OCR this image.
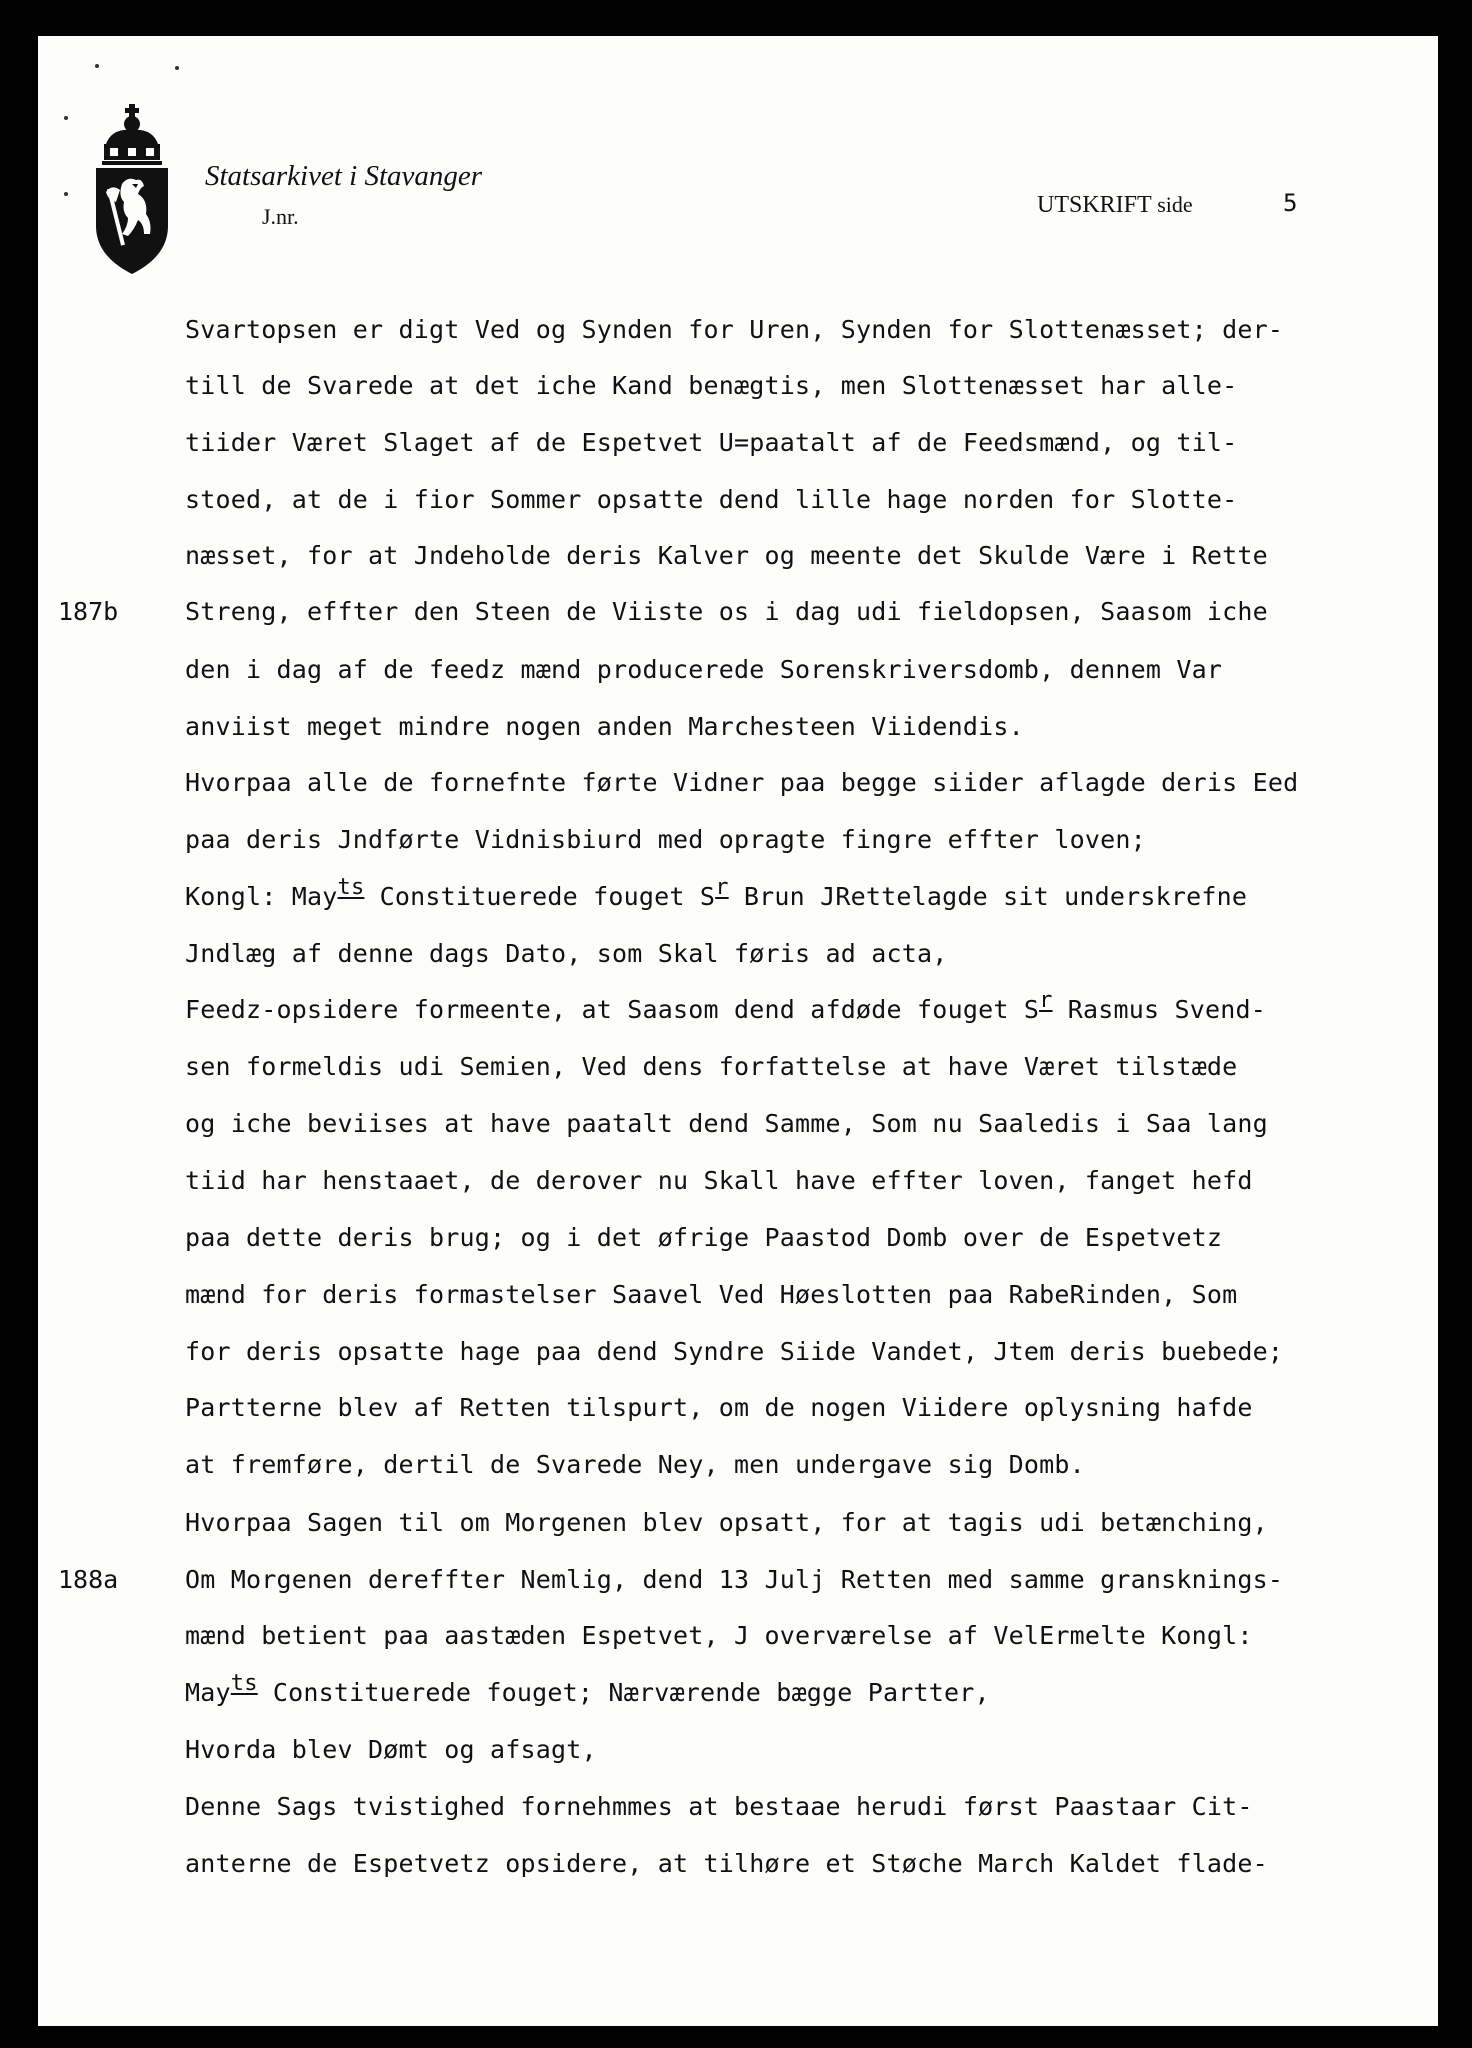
Statsarkivet i Stavanger
J.nr.	UTSKRIFT side	5
187b
188a
Svartopsen er digt Ved og Synden for Uren, Synden for Slottenæsset; der-
till de Svarede at det iche Kand benægtis, men Slottenæsset har alle-
tiider Været Slaget af de Espetvet U=paatalt af de Feedsmænd, og til-
stoed, at de i fior Sommer opsatte dend lille hage norden for Slotte-
næsset, for at Jndeholde deris Kalver og meente det Skulde Være i Rette
Streng, effter den Steen de Viiste os i dag udi fieldopsen, Saasom iche
den i dag af de feedz mænd producerede Sorenskriversdomb, dennem Var
anviist meget mindre nogen anden Marchesteen Viidendis.
Hvorpaa alle de fornefnte førte Vidner paa begge siider aflagde deris Eed
paa deris Jndførte Vidnisbiurd med opragte fingre effter loven;
Kongl: Mayts Constituerede fouget Sr Brun JRettelagde sit underskrefne
Jndlæg af denne dags Dato, som Skal føris ad acta,
Feedz-opsidere formeente, at Saasom dend afdøde fouget Sr Rasmus Svend-
sen formeldis udi Semien, Ved dens forfattelse at have Været tilstæde
og iche beviises at have paatalt dend Samme, Som nu Saaledis i Saa lang
tiid har henstaaet, de derover nu Skall have effter loven, fanget hefd
paa dette deris brug; og i det øfrige Paastod Domb over de Espetvetz
mænd for deris formastelser Saavel Ved Høeslotten paa RabeRinden, Som
for deris opsatte hage paa dend Syndre Siide Vandet, Jtem deris buebede;
Partterne blev af Retten tilspurt, om de nogen Viidere oplysning hafde
at fremføre, dertil de Svarede Ney, men undergave sig Domb.
Hvorpaa Sagen til om Morgenen blev opsatt, for at tagis udi betænching,
Om Morgenen dereffter Nemlig, dend 13 Julj Retten med samme gransknings-
mænd betient paa aastæden Espetvet, J overværelse af VelErmelte Kongl:
Mayts Constituerede fouget; Nærværende bægge Partter,
Hvorda blev Dømt og afsagt,
Denne Sags tvistighed fornehmmes at bestaae herudi først Paastaar Cit-
anterne de Espetvetz opsidere, at tilhøre et Støche March Kaldet flade-
